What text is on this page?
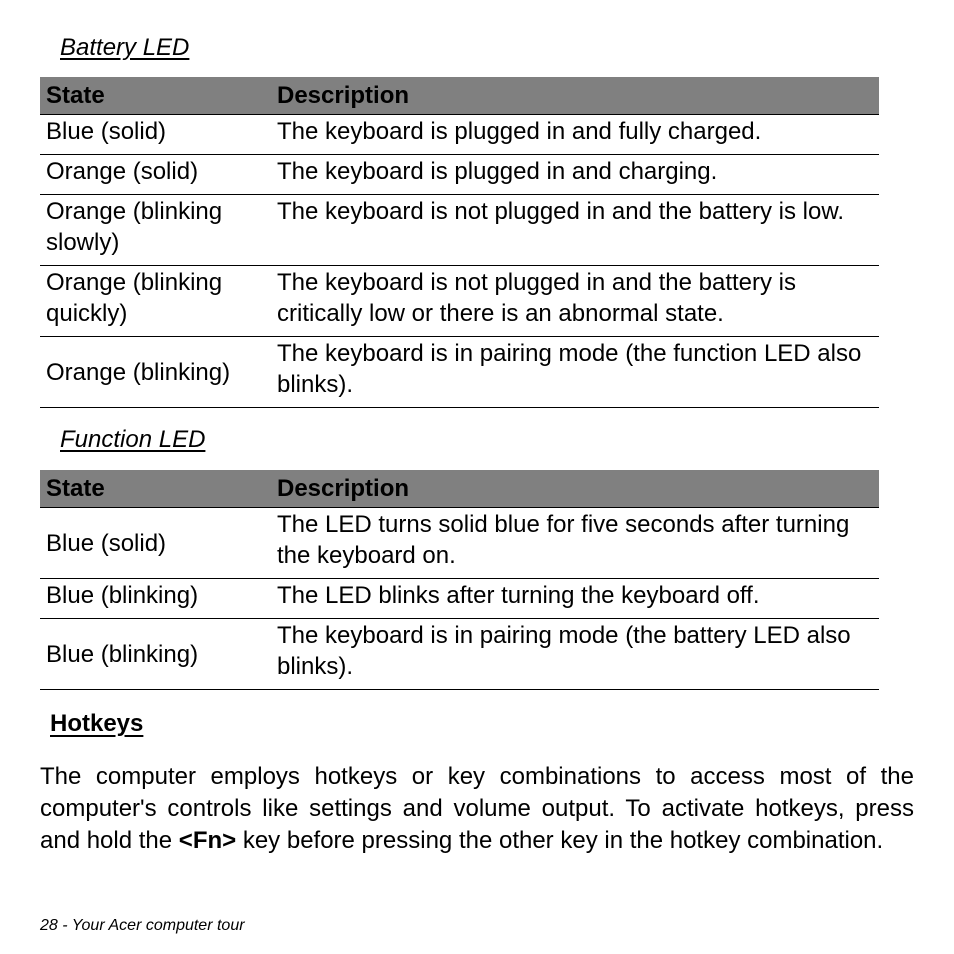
Battery LED
State	Description
Blue (solid)	The keyboard is plugged in and fully charged.
Orange (solid)	The keyboard is plugged in and charging.
Orange (blinking slowly)	The keyboard is not plugged in and the battery is low.
Orange (blinking quickly)	The keyboard is not plugged in and the battery is critically low or there is an abnormal state.
Orange (blinking)	The keyboard is in pairing mode (the function LED also blinks).
Function LED
State	Description
Blue (solid)	The LED turns solid blue for five seconds after turning the keyboard on.
Blue (blinking)	The LED blinks after turning the keyboard off.
Blue (blinking)	The keyboard is in pairing mode (the battery LED also blinks).
Hotkeys

The computer employs hotkeys or key combinations to access most of the computer's controls like settings and volume output. To activate hotkeys, press and hold the <Fn> key before pressing the other key in the hotkey combination.

28 - Your Acer computer tour
